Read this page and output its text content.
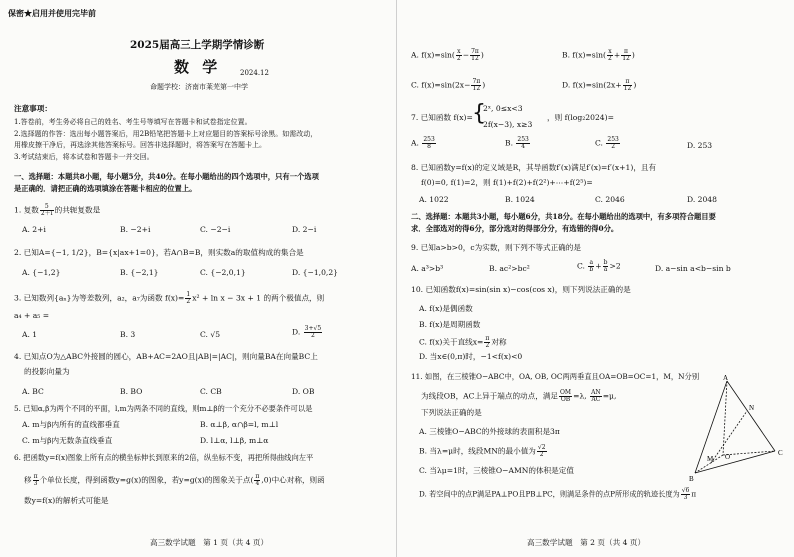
保密★启用并使用完毕前
2025届高三上学期学情诊断
数 学	2024.12
命题学校：济南市莱芜第一中学
注意事项：
1.答卷前，考生务必将自己的姓名、考生号等填写在答题卡和试卷指定位置。
2.选择题的作答：选出每小题答案后，用2B铅笔把答题卡上对应题目的答案标号涂黑。如需改动，
用橡皮擦干净后，再选涂其他答案标号。回答非选择题时，将答案写在答题卡上。
3.考试结束后，将本试卷和答题卡一并交回。
一、选择题：本题共8小题，每小题5分，共40分。在每小题给出的四个选项中，只有一个选项
是正确的．请把正确的选项填涂在答题卡相应的位置上。
1. 复数 $\frac{5}{2+i}$ 的共轭复数是
A. 2+i	B. −2+i	C. −2−i	D. 2−i
2. 已知A={−1, 1/2}，B={x|ax+1=0}，若A∩B=B，则实数a的取值构成的集合是
A. {−1,2}	B. {−2,1}	C. {−2,0,1}	D. {−1,0,2}
3. 已知数列{aₙ}为等差数列，a₂，a₇为函数 $f(x)= \frac{1}{2} x^2 + \ln x - 3x + 1$ 的两个极值点，则
a₄ + a₅ =
A. 1	B. 3	C. √5	D. $\frac{3+√5}{2}$
4. 已知点O为△ABC外接圆的圆心，AB+AC=2AO且|AB|=|AC|，则向量BA在向量BC上
的投影向量为
A. BC	B. BO	C. CB	D. OB
5. 已知α,β为两个不同的平面，l,m为两条不同的直线，则m⊥β的一个充分不必要条件可以是
A. m与β内所有的直线都垂直	B. α⊥β, α∩β=l, m⊥l
C. m与β内无数条直线垂直	D. l⊥α, l⊥β, m⊥α
6. 把函数y=f(x)图象上所有点的横坐标伸长到原来的2倍，纵坐标不变，再把所得曲线向左平
移 $\frac{\pi}{3}$ 个单位长度，得到函数y=g(x)的图象，若y=g(x)的图象关于点( $\frac{\pi}{4} ,0$)中心对称，则函
数y=f(x)的解析式可能是
高三数学试题　第 1 页（共 4 页）
A. $f(x)=\sin( \frac{x}{2} - \frac{7\pi}{12}$ )	B. $f(x)=\sin( \frac{x}{2} + \frac{\pi}{12}$ )
C. $f(x)=\sin(2x- \frac{7\pi}{12}$ )	D. $f(x)=\sin(2x+ \frac{\pi}{12}$ )
7. 已知函数 f(x)= {
2ˣ, 0≤x<3
2f(x−3), x≥3
，则 f(log₂2024)=
A. $\frac{253}{8}$	B. $\frac{253}{4}$	C. $\frac{253}{2}$	D. 253
8. 已知函数y=f(x)的定义域是R，其导函数f′(x)满足f′(x)=f′(x+1)，且有
f(0)=0, f(1)=2，则 f(1)+f(2)+f(2²)+⋯+f(2⁵)=
A. 1022	B. 1024	C. 2046	D. 2048
二、选择题：本题共3小题，每小题6分，共18分。在每小题给出的选项中，有多项符合题目要
求．全部选对的得6分，部分选对的得部分分，有选错的得0分。
9. 已知a>b>0，c为实数，则下列不等式正确的是
A. a³>b³	B. ac²>bc²	C. $\frac{a}{b} + \frac{b}{a} >2$	D. a−sin a<b−sin b
10. 已知函数f(x)=sin(sin x)−cos(cos x)，则下列说法正确的是
A. f(x)是偶函数
B. f(x)是周期函数
C. f(x)关于直线$x= \frac{\pi}{2}$ 对称
D. 当x∈(0,π)时，−1<f(x)<0
11. 如图，在三棱锥O−ABC中，OA, OB, OC两两垂直且OA=OB=OC=1，M，N分别
为线段OB，AC上异于端点的动点，满足 $\frac{OM}{OB} =\lambda$, $\frac{AN}{AC} =\mu$,
下列说法正确的是
A. 三棱锥O−ABC的外接球的表面积是3π
B. 当λ=μ时，线段MN的最小值为 $\frac{√2}{2}$
C. 当λμ=1时，三棱锥O−AMN的体积是定值
D. 若空间中的点P满足PA⊥PO且PB⊥PC，则满足条件的点P所形成的轨迹长度为 $\frac{√6}{3}$ π
A
N
M O
B
C
高三数学试题　第 2 页（共 4 页）
